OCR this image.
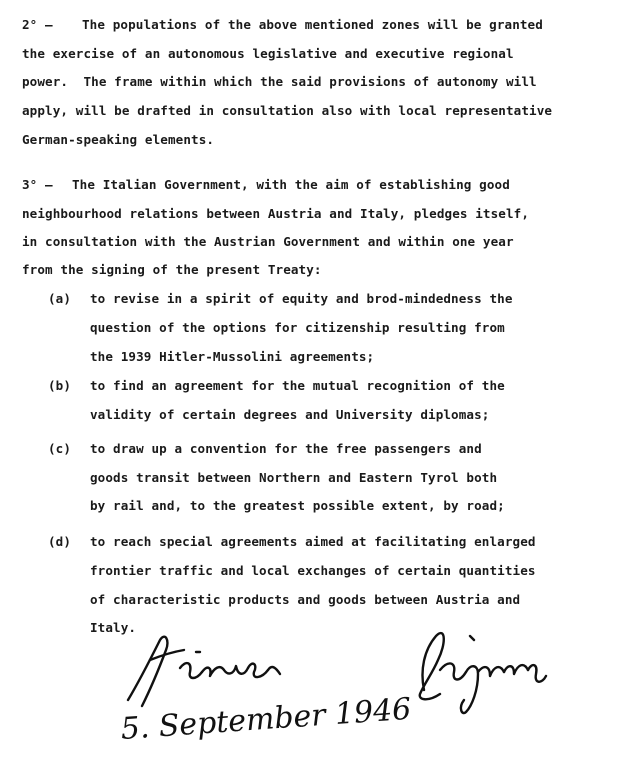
2° – The populations of the above mentioned zones will be granted
the exercise of an autonomous legislative and executive regional
power.  The frame within which the said provisions of autonomy will
apply, will be drafted in consultation also with local representative
German-speaking elements.
3° – The Italian Government, with the aim of establishing good
neighbourhood relations between Austria and Italy, pledges itself,
in consultation with the Austrian Government and within one year
from the signing of the present Treaty:
(a) to revise in a spirit of equity and brod-mindedness the
question of the options for citizenship resulting from
the 1939 Hitler-Mussolini agreements;
(b) to find an agreement for the mutual recognition of the
validity of certain degrees and University diplomas;
(c) to draw up a convention for the free passengers and
goods transit between Northern and Eastern Tyrol both
by rail and, to the greatest possible extent, by road;
(d) to reach special agreements aimed at facilitating enlarged
frontier traffic and local exchanges of certain quantities
of characteristic products and goods between Austria and
Italy.
5. September 1946
